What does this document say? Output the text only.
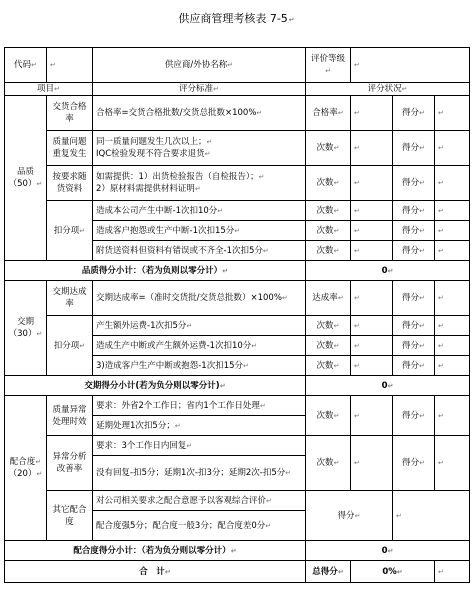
供应商管理考核表 7-5↵
代码↵	↵	供应商/外协名称↵	评价等级↵	↵		
项目↵		评分标准↵	评分状况↵			
品质
（50）↵	交货合格率	合格率=交货合格批数/交货总批数×100%↵	合格率↵	↵	得分↵	↵
	质量问题重复发生	同一质量问题发生几次以上；↵
IQC检验发现不符合要求退货↵	次数↵	↵	得分↵	↵
	按要求随货资料	如需提供：1）出货检验报告（自检报告）；↵
2）原材料需提供材料证明↵	次数↵	↵	得分↵	↵
	扣分项↵	造成本公司产生中断-1次扣10分↵	次数↵	↵	得分↵	↵
		造成客户抱怨或生产中断-1次扣15分↵	次数↵	↵	得分↵	↵
		附货送资料但资料有错误或不齐全-1次扣5分↵	次数↵	↵	得分↵	↵
品质得分小计：（若为负则以零分计）↵			0↵			
交期
（30）↵	交期达成率	交期达成率=（准时交货批/交货总批数）×100%↵	达成率↵	↵	得分↵	↵
	扣分项↵	产生额外运费-1次扣5分↵	次数↵	↵	得分↵	↵
		造成生产中断或产生额外运费-1次扣10分↵	次数↵	↵	得分↵	↵
		3)造成客户生产中断或抱怨-1次扣15分↵	次数↵	↵	得分↵	↵
交期得分小计(若为负分则以零分计)↵			0↵			
配合度↵
（20）↵	质量异常处理时效	要求：外省2个工作日；省内1个工作日处理↵	次数↵	↵	得分↵	↵
		延期处理1次扣5分；↵				
	异常分析改善率	要求：3个工作日内回复↵	次数↵	↵	得分↵	↵
		没有回复-扣5分；延期1次-扣3分；延期2次-扣5分↵				
	其它配合度	对公司相关要求之配合意愿予以客观综合评价↵	得分↵		↵	
		配合度强5分；配合度一般3分；配合度差0分↵				
配合度得分小计：（若为负分则以零分计）↵			0↵			
合　计↵			总得分↵	0%↵		↵
